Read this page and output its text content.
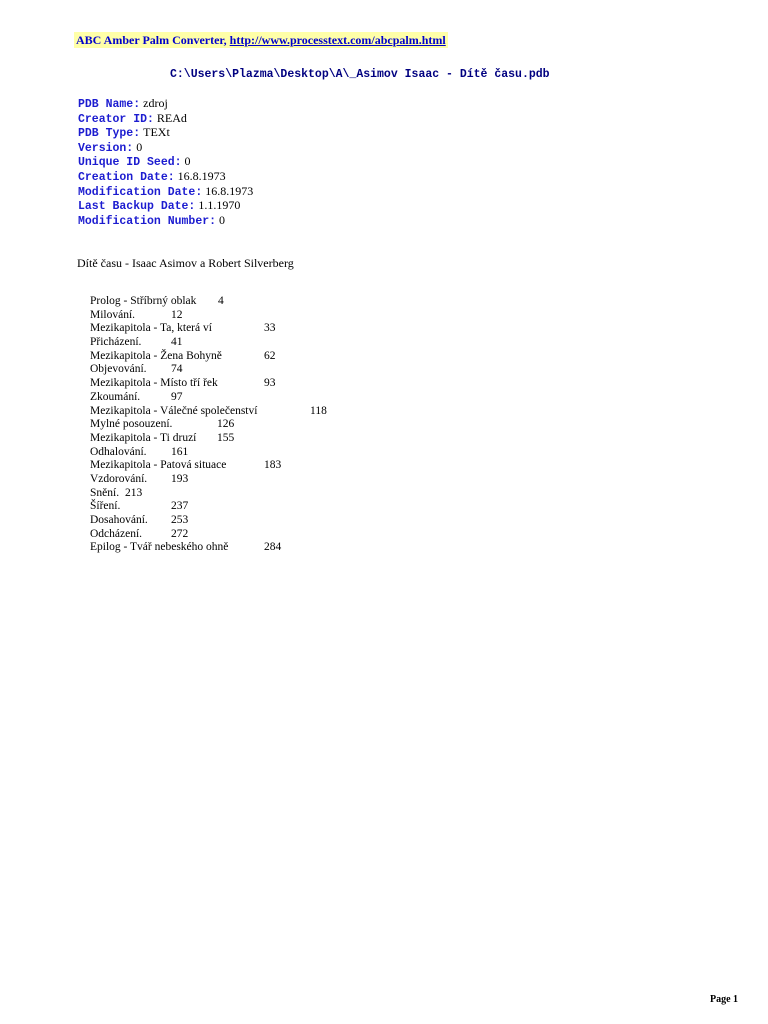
ABC Amber Palm Converter, http://www.processtext.com/abcpalm.html
C:\Users\Plazma\Desktop\A\_Asimov Isaac - Dítě času.pdb
PDB Name: zdroj
Creator ID: REAd
PDB Type: TEXt
Version: 0
Unique ID Seed: 0
Creation Date: 16.8.1973
Modification Date: 16.8.1973
Last Backup Date: 1.1.1970
Modification Number: 0
Dítě času - Isaac Asimov a Robert Silverberg
Prolog - Stříbrný oblak 4
Milování.	12
Mezikapitola - Ta, která ví	33
Přicházení.	41
Mezikapitola - Žena Bohyně	62
Objevování. 74
Mezikapitola - Místo tří řek	93
Zkoumání.	97
Mezikapitola - Válečné společenství	118
Mylné posouzení.	126
Mezikapitola - Ti druzí 155
Odhalování. 161
Mezikapitola - Patová situace	183
Vzdorování. 193
Snění. 213
Šíření.	237
Dosahování. 253
Odcházení.	272
Epilog - Tvář nebeského ohně	284
Page 1
